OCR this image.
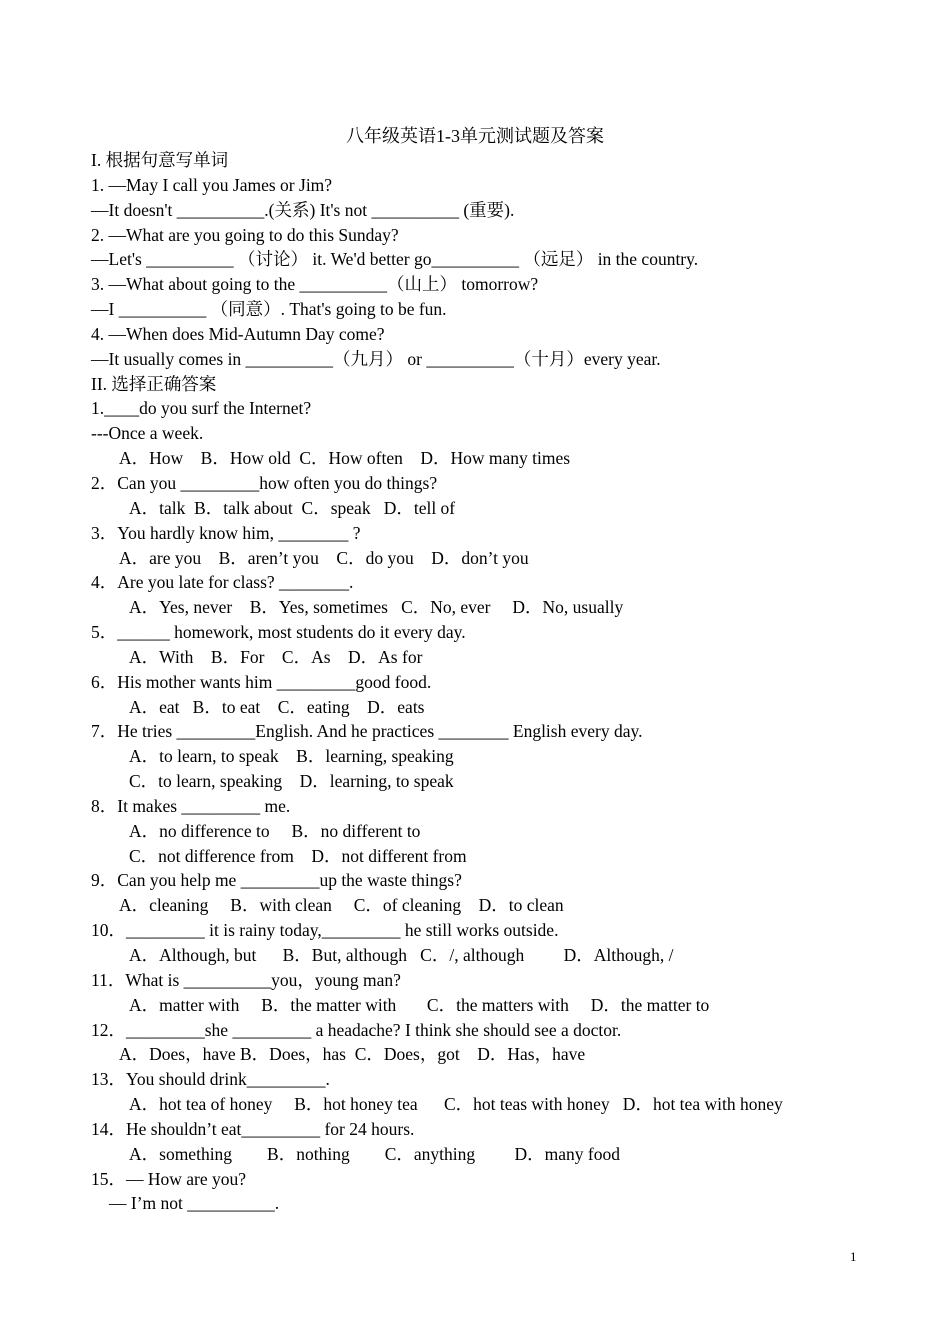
八年级英语1-3单元测试题及答案
I. 根据句意写单词
1. —May I call you James or Jim?
—It doesn't __________.(关系) It's not __________ (重要).
2. —What are you going to do this Sunday?
—Let's __________ （讨论） it. We'd better go__________ （远足） in the country.
3. —What about going to the __________（山上） tomorrow?
—I __________ （同意）. That's going to be fun.
4. —When does Mid-Autumn Day come?
—It usually comes in __________（九月） or __________（十月）every year.
II. 选择正确答案
1.____do you surf the Internet?
---Once a week.
A．How    B．How old  C．How often    D．How many times
2．Can you _________how often you do things?
A．talk  B．talk about  C．speak   D．tell of
3．You hardly know him, ________ ?
A．are you    B．aren’t you    C．do you    D．don’t you
4．Are you late for class? ________.
A．Yes, never    B．Yes, sometimes   C．No, ever     D．No, usually
5．______ homework, most students do it every day.
A．With    B．For    C．As    D．As for
6．His mother wants him _________good food.
A．eat   B．to eat    C．eating    D．eats
7．He tries _________English. And he practices ________ English every day.
A．to learn, to speak    B．learning, speaking
C．to learn, speaking    D．learning, to speak
8．It makes _________ me.
A．no difference to     B．no different to
C．not difference from    D．not different from
9．Can you help me _________up the waste things?
A．cleaning     B．with clean     C．of cleaning    D．to clean
10．_________ it is rainy today,_________ he still works outside.
A．Although, but      B．But, although   C．/, although         D．Although, /
11．What is __________you，young man?
A．matter with     B．the matter with       C．the matters with     D．the matter to
12．_________she _________ a headache? I think she should see a doctor.
A．Does，have B．Does，has  C．Does，got    D．Has，have
13．You should drink_________.
A．hot tea of honey     B．hot honey tea      C．hot teas with honey   D．hot tea with honey
14．He shouldn’t eat_________ for 24 hours.
A．something        B．nothing        C．anything         D．many food
15．— How are you?
— I’m not __________.
1
